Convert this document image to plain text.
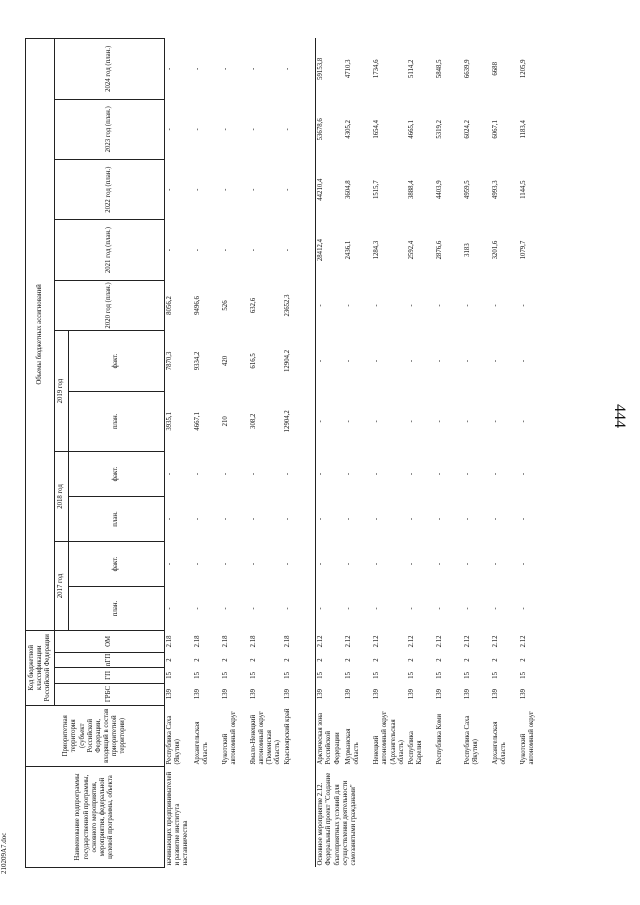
444
210209А7.doc	Наименование подпрограммы государственной программы, основного мероприятия, мероприятия, федеральной целевой программы, объекта	Приоритетная территория (субъект Российской Федерации, входящий в состав приоритетной территории)	Код бюджетной классификации Российской Федерации				Объемы бюджетных ассигнований										
		ГРБС	ГП	пГП	ОМ	2017 год		2018 год		2019 год		2020 год (план.)	2021 год (план.)	2022 год (план.)	2023 год (план.)	2024 год (план.)
						план.	факт.	план.	факт.	план.	факт.					
начинающих предпринимателей и развитие института наставничества	Республика Саха (Якутия)	139	15	2	2.18	-	-	-	-	3935,1	7870,3	8056,2	-	-	-	-
	Архангельская область	139	15	2	2.18	-	-	-	-	4667,1	9334,2	9496,6	-	-	-	-
	Чукотский автономный округ	139	15	2	2.18	-	-	-	-	210	420	526	-	-	-	-
	Ямало-Ненецкий автономный округ (Тюменская область)	139	15	2	2.18	-	-	-	-	308,2	616,5	632,6	-	-	-	-
	Красноярский край	139	15	2	2.18	-	-	-	-	12904,2	12904,2	23652,3	-	-	-	-

Основное мероприятие 2.12. Федеральный проект "Создание благоприятных условий для осуществления деятельности самозанятыми гражданами"	Арктическая зона Российской Федерации	139	15	2	2.12	-	-	-	-	-	-	-	28412,4	44210,4	53678,6	59153,8
	Мурманская область	139	15	2	2.12	-	-	-	-	-	-	-	2436,1	3604,8	4305,2	4710,3
	Ненецкий автономный округ (Архангельская область)	139	15	2	2.12	-	-	-	-	-	-	-	1284,3	1515,7	1654,4	1734,6
	Республика Карелия	139	15	2	2.12	-	-	-	-	-	-	-	2592,4	3888,4	4665,1	5114,2
	Республика Коми	139	15	2	2.12	-	-	-	-	-	-	-	2876,6	4403,9	5319,2	5848,5
	Республика Саха (Якутия)	139	15	2	2.12	-	-	-	-	-	-	-	3183	4959,5	6024,2	6639,9
	Архангельская область	139	15	2	2.12	-	-	-	-	-	-	-	3201,6	4993,3	6067,1	6688
	Чукотский автономный округ	139	15	2	2.12	-	-	-	-	-	-	-	1079,7	1144,5	1183,4	1205,9
